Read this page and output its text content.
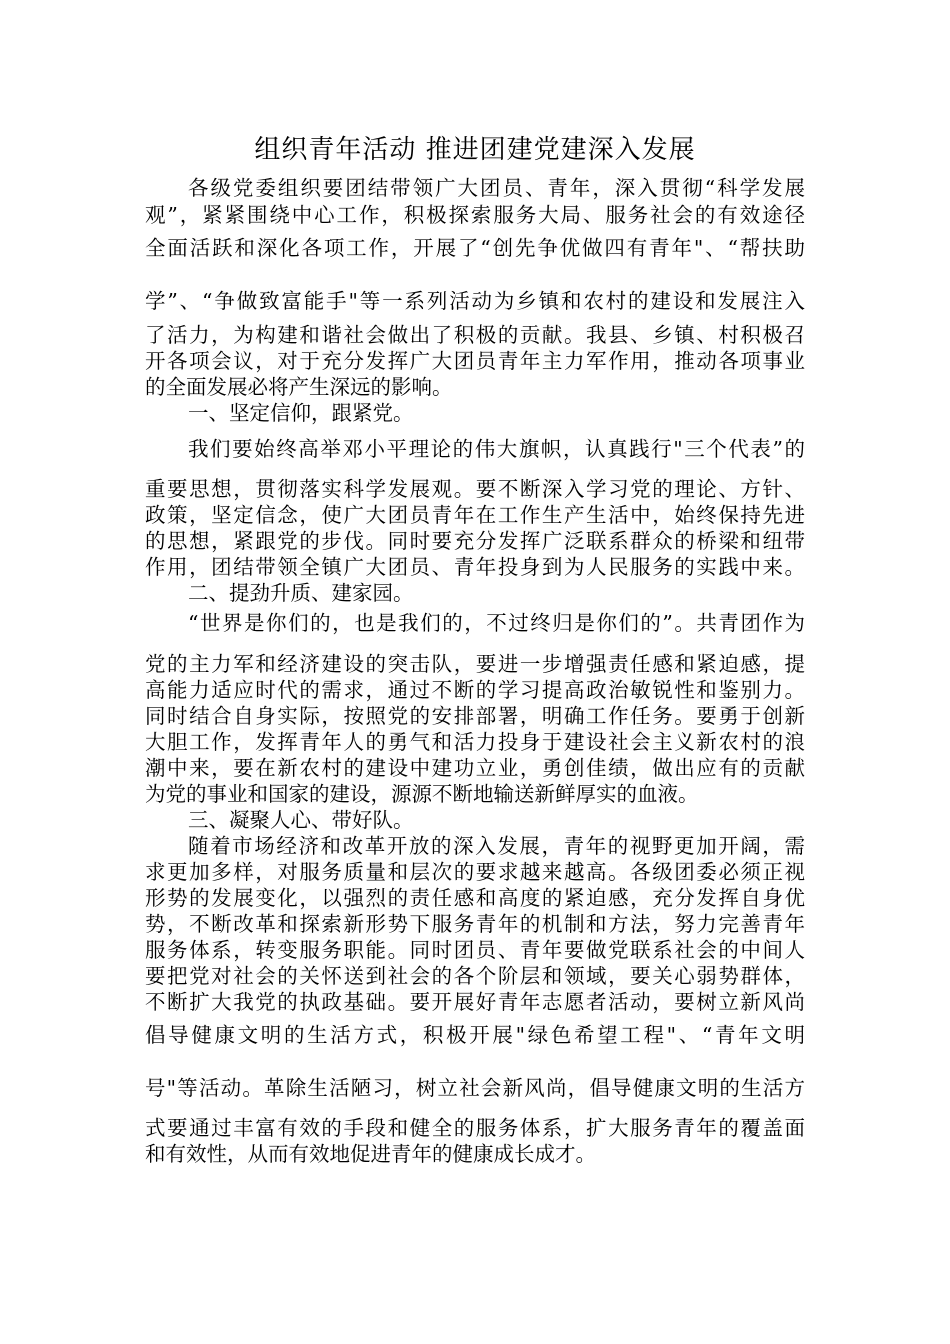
组织青年活动 推进团建党建深入发展
各级党委组织要团结带领广大团员、青年，深入贯彻“科学发展
观”，紧紧围绕中心工作，积极探索服务大局、服务社会的有效途径
全面活跃和深化各项工作，开展了“创先争优做四有青年"、“帮扶助
学”、“争做致富能手"等一系列活动为乡镇和农村的建设和发展注入
了活力，为构建和谐社会做出了积极的贡献。我县、乡镇、村积极召
开各项会议，对于充分发挥广大团员青年主力军作用，推动各项事业
的全面发展必将产生深远的影响。
一、坚定信仰，跟紧党。
我们要始终高举邓小平理论的伟大旗帜，认真践行"三个代表”的
重要思想，贯彻落实科学发展观。要不断深入学习党的理论、方针、
政策，坚定信念，使广大团员青年在工作生产生活中，始终保持先进
的思想，紧跟党的步伐。同时要充分发挥广泛联系群众的桥梁和纽带
作用，团结带领全镇广大团员、青年投身到为人民服务的实践中来。
二、提劲升质、建家园。
“世界是你们的，也是我们的，不过终归是你们的”。共青团作为
党的主力军和经济建设的突击队，要进一步增强责任感和紧迫感，提
高能力适应时代的需求，通过不断的学习提高政治敏锐性和鉴别力。
同时结合自身实际，按照党的安排部署，明确工作任务。要勇于创新
大胆工作，发挥青年人的勇气和活力投身于建设社会主义新农村的浪
潮中来，要在新农村的建设中建功立业，勇创佳绩，做出应有的贡献
为党的事业和国家的建设，源源不断地输送新鲜厚实的血液。
三、凝聚人心、带好队。
随着市场经济和改革开放的深入发展，青年的视野更加开阔，需
求更加多样，对服务质量和层次的要求越来越高。各级团委必须正视
形势的发展变化，以强烈的责任感和高度的紧迫感，充分发挥自身优
势，不断改革和探索新形势下服务青年的机制和方法，努力完善青年
服务体系，转变服务职能。同时团员、青年要做党联系社会的中间人
要把党对社会的关怀送到社会的各个阶层和领域，要关心弱势群体，
不断扩大我党的执政基础。要开展好青年志愿者活动，要树立新风尚
倡导健康文明的生活方式，积极开展"绿色希望工程"、“青年文明
号"等活动。革除生活陋习，树立社会新风尚，倡导健康文明的生活方
式要通过丰富有效的手段和健全的服务体系，扩大服务青年的覆盖面
和有效性，从而有效地促进青年的健康成长成才。
